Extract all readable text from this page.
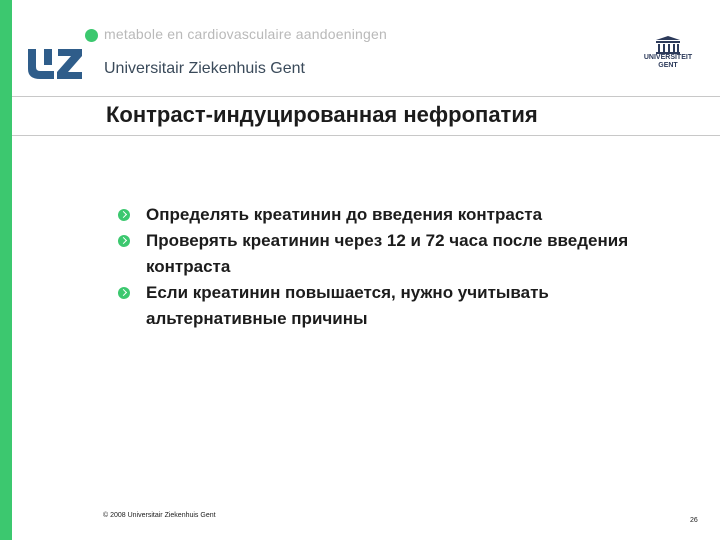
metabole en cardiovasculaire aandoeningen
Universitair Ziekenhuis Gent
UNIVERSITEIT
GENT
Контраст-индуцированная нефропатия
Определять креатинин до введения контраста
Проверять креатинин через 12 и 72 часа после введения контраста
Если креатинин повышается, нужно учитывать альтернативные причины
© 2008 Universitair Ziekenhuis Gent
26
